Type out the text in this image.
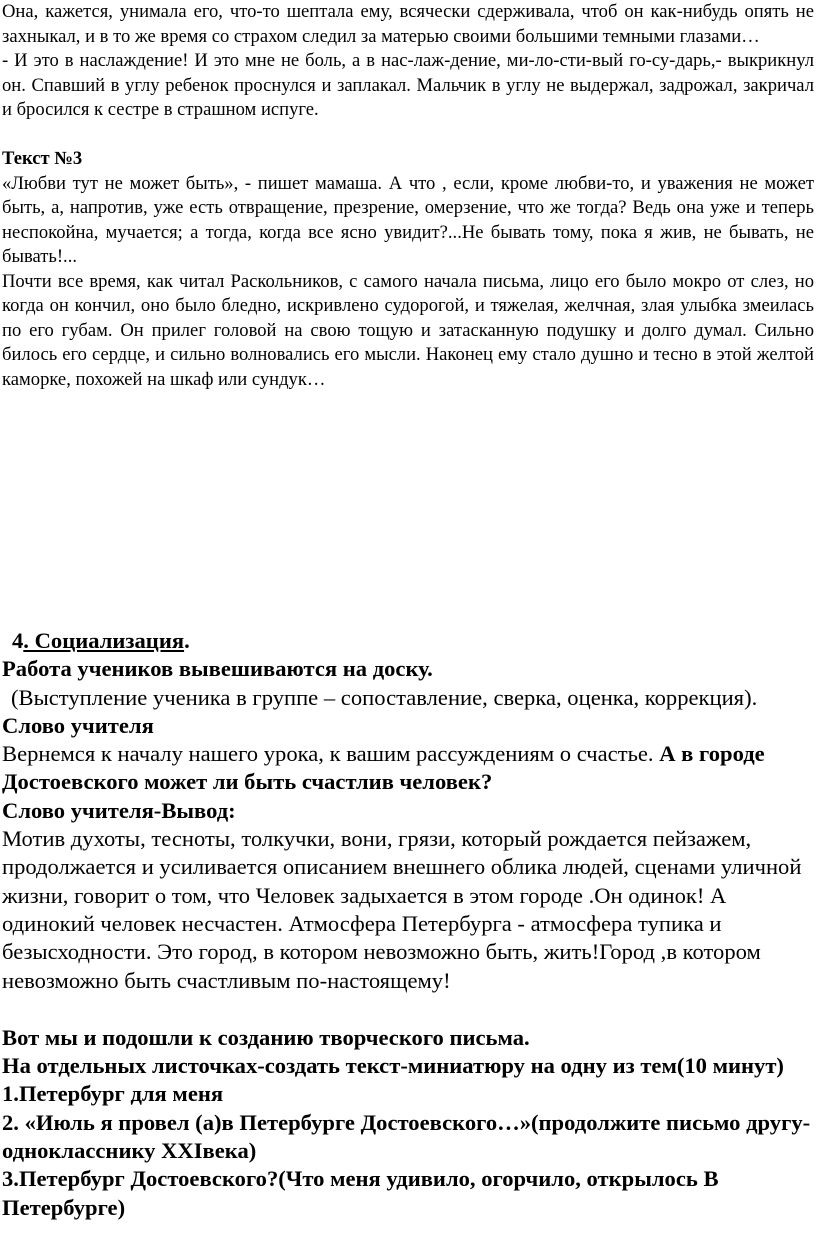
Она, кажется, унимала его, что-то шептала ему, всячески сдерживала, чтоб он как-нибудь опять не захныкал, и в то же время со страхом следил за матерью своими большими темными глазами…

- И это в наслаждение! И это мне не боль, а в нас-лаж-дение, ми-ло-сти-вый го-су-дарь,- выкрикнул он. Спавший в углу ребенок проснулся и заплакал. Мальчик в углу не выдержал, задрожал, закричал и бросился к сестре в страшном испуге.

Текст №3

«Любви тут не может быть», - пишет мамаша. А что , если, кроме любви-то, и уважения не может быть, а, напротив, уже есть отвращение, презрение, омерзение, что же тогда? Ведь она уже и теперь неспокойна, мучается; а тогда, когда все ясно увидит?...Не бывать тому, пока я жив, не бывать, не бывать!...

Почти все время, как читал Раскольников, с самого начала письма, лицо его было мокро от слез, но когда он кончил, оно было бледно, искривлено судорогой, и тяжелая, желчная, злая улыбка змеилась по его губам. Он прилег головой на свою тощую и затасканную подушку и долго думал. Сильно билось его сердце, и сильно волновались его мысли. Наконец ему стало душно и тесно в этой желтой каморке, похожей на шкаф или сундук…

4. Социализация.

Работа учеников вывешиваются на доску.

(Выступление ученика в группе – сопоставление, сверка, оценка, коррекция).

Слово учителя

Вернемся к началу нашего урока, к вашим рассуждениям о счастье. А в городе Достоевского может ли быть счастлив человек?

Слово учителя-Вывод:

Мотив духоты, тесноты, толкучки, вони, грязи, который рождается пейзажем, продолжается и усиливается описанием внешнего облика людей, сценами уличной жизни, говорит о том, что Человек задыхается в этом городе .Он одинок! А одинокий человек несчастен. Атмосфера Петербурга - атмосфера тупика и безысходности. Это город, в котором невозможно быть, жить!Город ,в котором невозможно быть счастливым по-настоящему!

Вот мы и подошли к созданию творческого письма.

На отдельных листочках-создать текст-миниатюру на одну из тем(10 минут)

1.Петербург для меня

2. «Июль я провел (а)в Петербурге Достоевского…»(продолжите письмо другу-однокласснику XXIвека)

3.Петербург Достоевского?(Что меня удивило, огорчило, открылось В Петербурге)
